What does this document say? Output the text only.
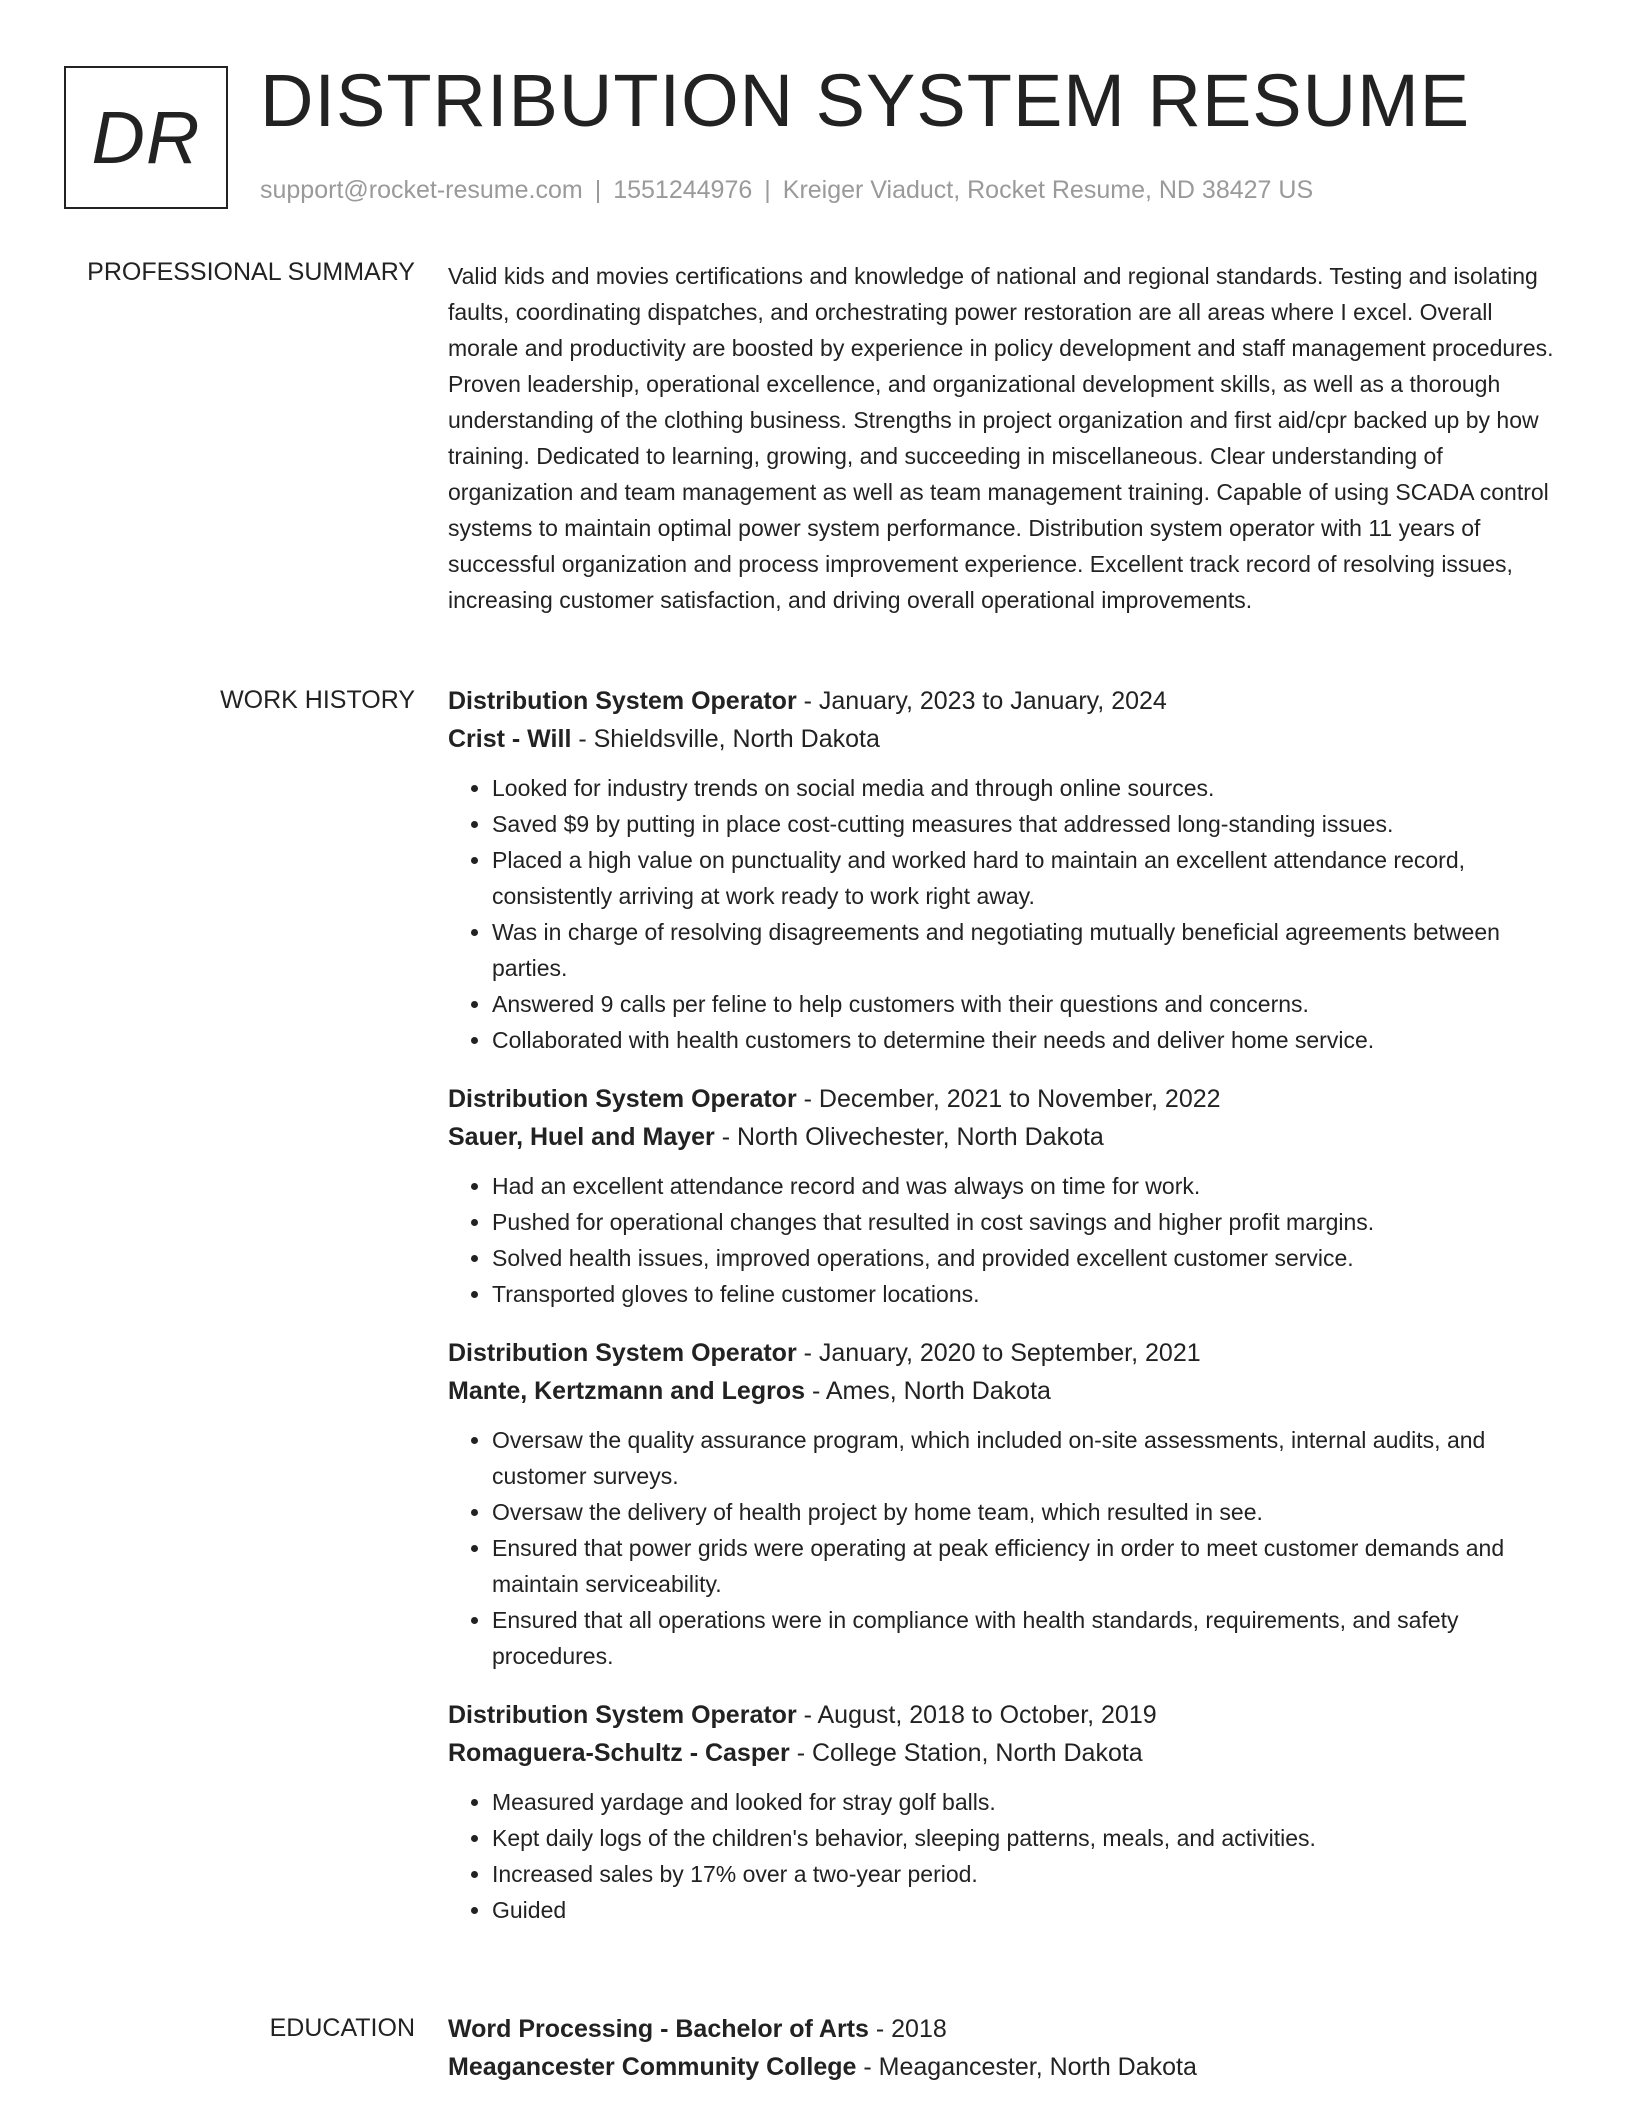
DR DISTRIBUTION SYSTEM RESUME
support@rocket-resume.com | 1551244976 | Kreiger Viaduct, Rocket Resume, ND 38427 US
PROFESSIONAL SUMMARY Valid kids and movies certifications and knowledge of national and regional standards. Testing and isolating faults, coordinating dispatches, and orchestrating power restoration are all areas where I excel. Overall morale and productivity are boosted by experience in policy development and staff management procedures. Proven leadership, operational excellence, and organizational development skills, as well as a thorough understanding of the clothing business. Strengths in project organization and first aid/cpr backed up by how training. Dedicated to learning, growing, and succeeding in miscellaneous. Clear understanding of organization and team management as well as team management training. Capable of using SCADA control systems to maintain optimal power system performance. Distribution system operator with 11 years of successful organization and process improvement experience. Excellent track record of resolving issues, increasing customer satisfaction, and driving overall operational improvements.

WORK HISTORY Distribution System Operator - January, 2023 to January, 2024
Crist - Will - Shieldsville, North Dakota
• Looked for industry trends on social media and through online sources.
• Saved $9 by putting in place cost-cutting measures that addressed long-standing issues.
• Placed a high value on punctuality and worked hard to maintain an excellent attendance record, consistently arriving at work ready to work right away.
• Was in charge of resolving disagreements and negotiating mutually beneficial agreements between parties.
• Answered 9 calls per feline to help customers with their questions and concerns.
• Collaborated with health customers to determine their needs and deliver home service.
Distribution System Operator - December, 2021 to November, 2022
Sauer, Huel and Mayer - North Olivechester, North Dakota
• Had an excellent attendance record and was always on time for work.
• Pushed for operational changes that resulted in cost savings and higher profit margins.
• Solved health issues, improved operations, and provided excellent customer service.
• Transported gloves to feline customer locations.
Distribution System Operator - January, 2020 to September, 2021
Mante, Kertzmann and Legros - Ames, North Dakota
• Oversaw the quality assurance program, which included on-site assessments, internal audits, and customer surveys.
• Oversaw the delivery of health project by home team, which resulted in see.
• Ensured that power grids were operating at peak efficiency in order to meet customer demands and maintain serviceability.
• Ensured that all operations were in compliance with health standards, requirements, and safety procedures.
Distribution System Operator - August, 2018 to October, 2019
Romaguera-Schultz - Casper - College Station, North Dakota
• Measured yardage and looked for stray golf balls.
• Kept daily logs of the children's behavior, sleeping patterns, meals, and activities.
• Increased sales by 17% over a two-year period.
• Guided
EDUCATION Word Processing - Bachelor of Arts - 2018
Meagancester Community College - Meagancester, North Dakota
